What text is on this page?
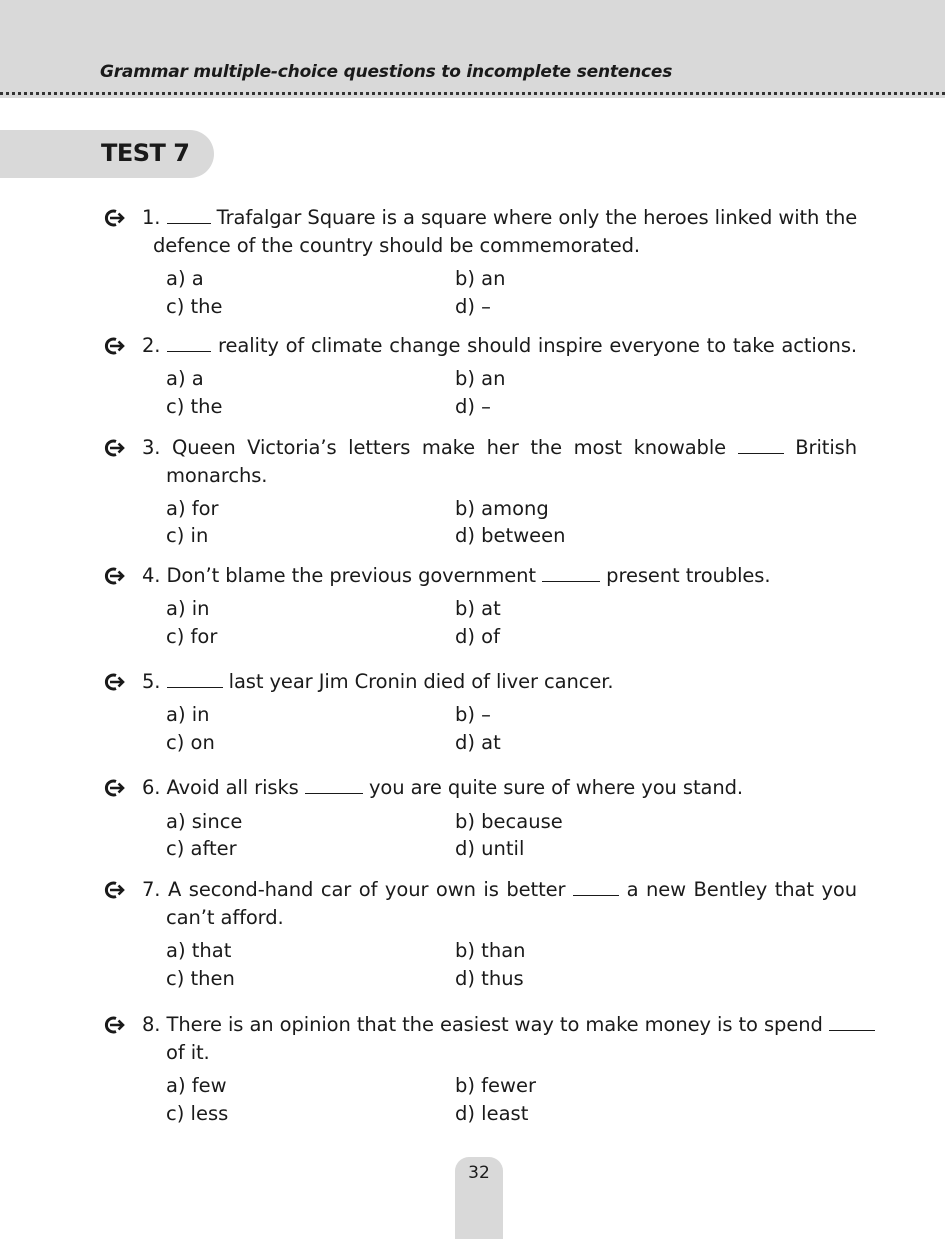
Grammar multiple-choice questions to incomplete sentences
TEST 7
1.	Trafalgar Square is a square where only the heroes linked with the
defence of the country should be commemorated.
a) a	b) an
c) the	d) –
2.	reality of climate change should inspire everyone to take actions.
a) a	b) an
c) the	d) –
3. Queen Victoria’s letters make her the most knowable	British
monarchs.
a) for	b) among
c) in	d) between
4. Don’t blame the previous government	present troubles.
a) in	b) at
c) for	d) of
5.	last year Jim Cronin died of liver cancer.
a) in	b) –
c) on	d) at
6. Avoid all risks	you are quite sure of where you stand.
a) since	b) because
c) after	d) until
7. A second-hand car of your own is better	a new Bentley that you
can’t afford.
a) that	b) than
c) then	d) thus
8. There is an opinion that the easiest way to make money is to spend
of it.
a) few	b) fewer
c) less	d) least
32
